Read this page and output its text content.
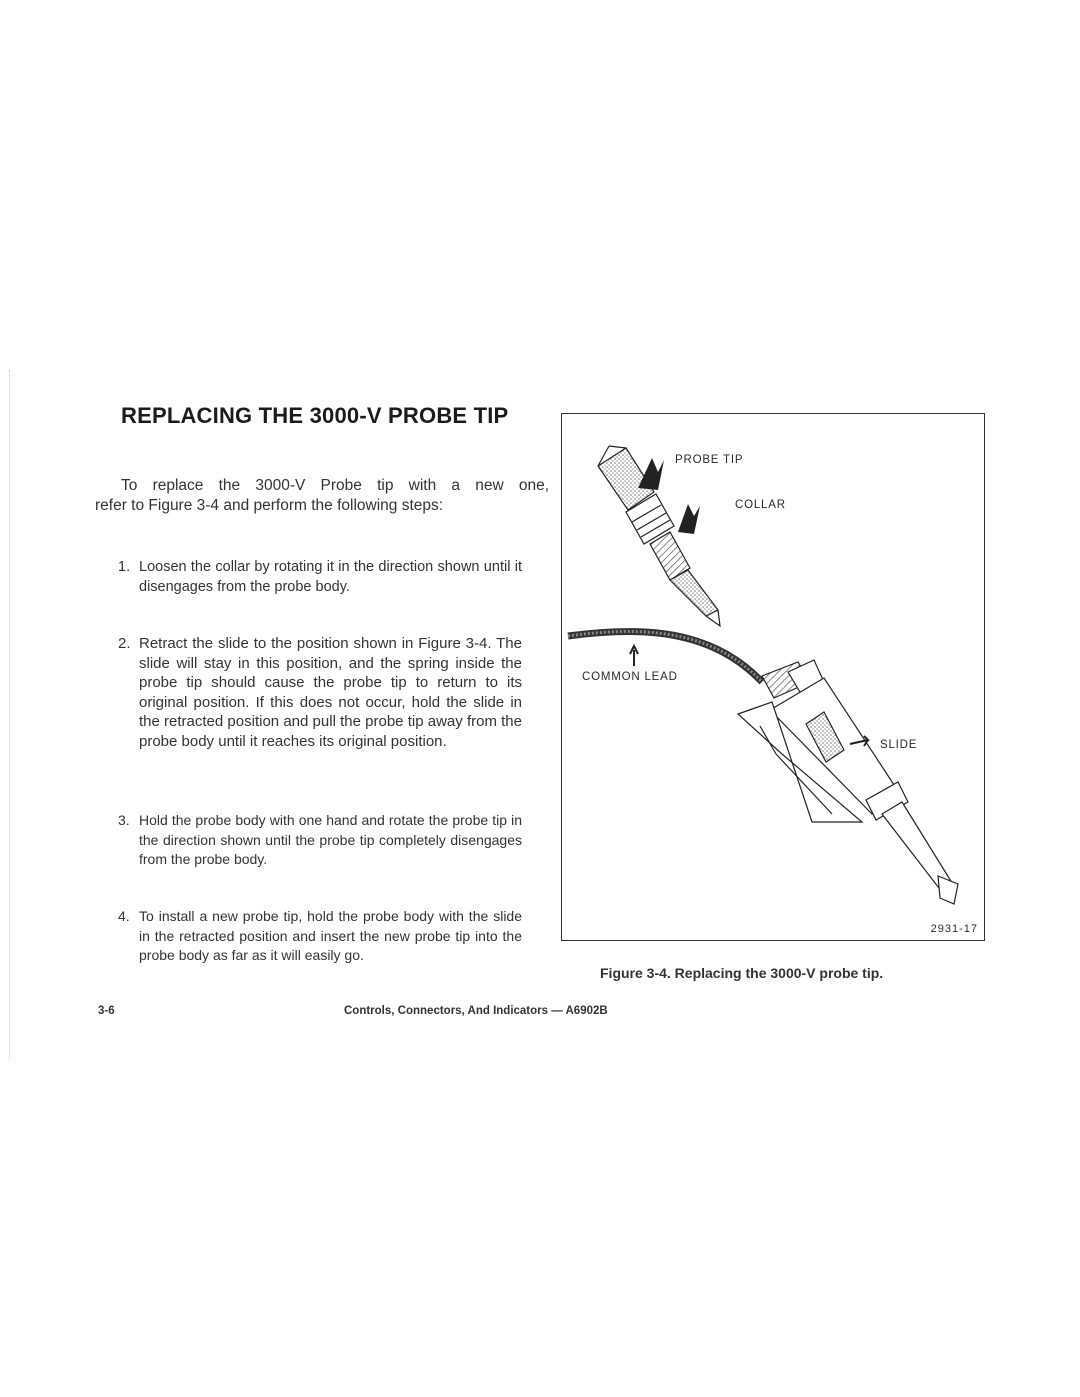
REPLACING THE 3000-V PROBE TIP

To replace the 3000-V Probe tip with a new one,

refer to Figure 3-4 and perform the following steps:

1. Loosen the collar by rotating it in the direction shown until it disengages from the probe body.
2. Retract the slide to the position shown in Figure 3-4. The slide will stay in this position, and the spring inside the probe tip should cause the probe tip to return to its original position. If this does not occur, hold the slide in the retracted position and pull the probe tip away from the probe body until it reaches its original position.
3. Hold the probe body with one hand and rotate the probe tip in the direction shown until the probe tip completely disengages from the probe body.
4. To install a new probe tip, hold the probe body with the slide in the retracted position and insert the new probe tip into the probe body as far as it will easily go.
PROBE TIP
COLLAR
COMMON LEAD
SLIDE
2931-17

Figure 3-4. Replacing the 3000-V probe tip.

3-6	Controls, Connectors, And Indicators — A6902B
